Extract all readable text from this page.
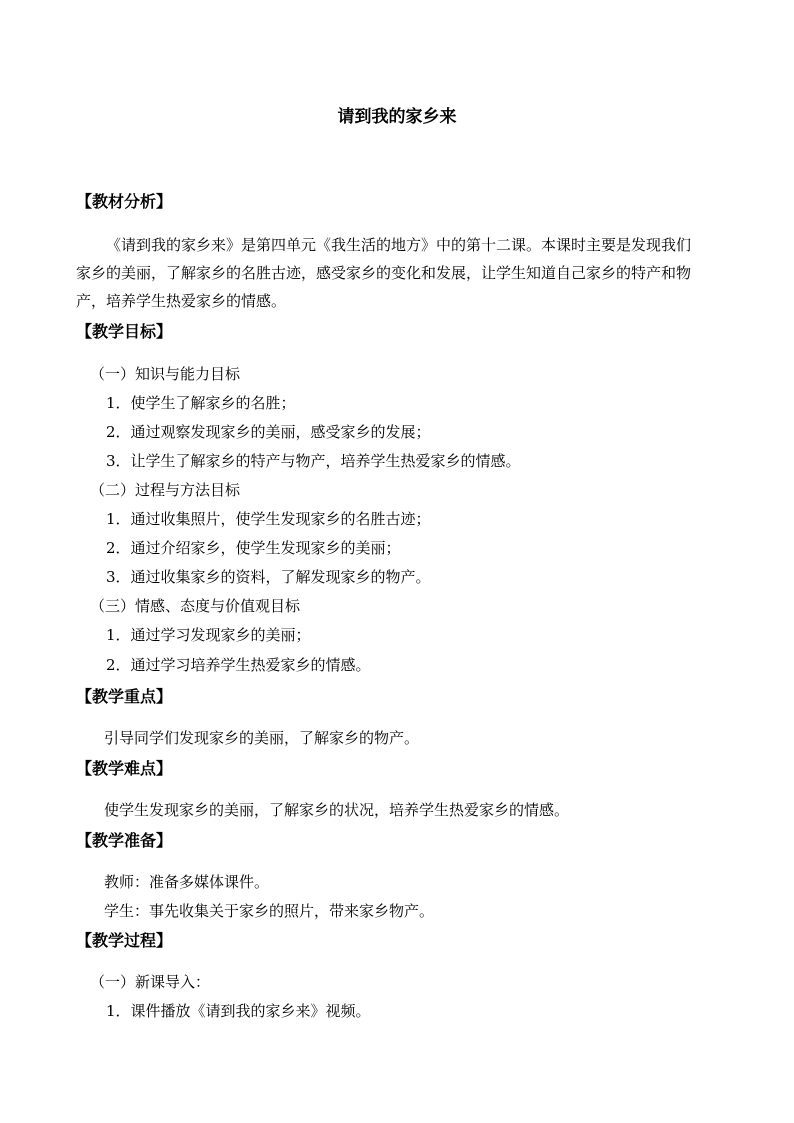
请到我的家乡来
【教材分析】
《请到我的家乡来》是第四单元《我生活的地方》中的第十二课。本课时主要是发现我们
家乡的美丽，了解家乡的名胜古迹，感受家乡的变化和发展，让学生知道自己家乡的特产和物
产，培养学生热爱家乡的情感。
【教学目标】
（一）知识与能力目标
1．使学生了解家乡的名胜；
2．通过观察发现家乡的美丽，感受家乡的发展；
3．让学生了解家乡的特产与物产，培养学生热爱家乡的情感。
（二）过程与方法目标
1．通过收集照片，使学生发现家乡的名胜古迹；
2．通过介绍家乡，使学生发现家乡的美丽；
3．通过收集家乡的资料，了解发现家乡的物产。
（三）情感、态度与价值观目标
1．通过学习发现家乡的美丽；
2．通过学习培养学生热爱家乡的情感。
【教学重点】
引导同学们发现家乡的美丽，了解家乡的物产。
【教学难点】
使学生发现家乡的美丽，了解家乡的状况，培养学生热爱家乡的情感。
【教学准备】
教师：准备多媒体课件。
学生：事先收集关于家乡的照片，带来家乡物产。
【教学过程】
（一）新课导入：
1．课件播放《请到我的家乡来》视频。
